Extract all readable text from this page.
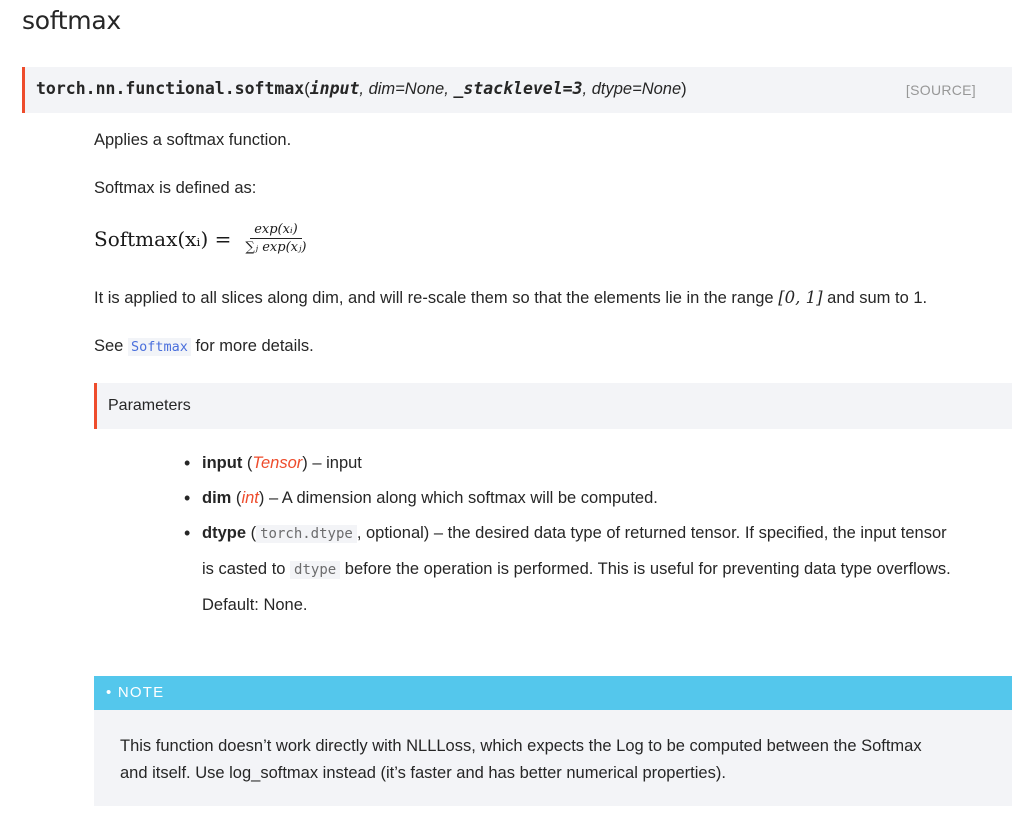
softmax
torch.nn.functional.softmax(input, dim=None, _stacklevel=3, dtype=None)	[SOURCE]

Applies a softmax function.

Softmax is defined as:

Softmax(xᵢ) = $\frac{\text{exp(xᵢ)}}{\text{∑ⱼ exp(xⱼ)}}$

It is applied to all slices along dim, and will re-scale them so that the elements lie in the range [0, 1] and sum to 1.

See Softmax for more details.

Parameters
• input (Tensor) – input
• dim (int) – A dimension along which softmax will be computed.
• dtype ( torch.dtype , optional) – the desired data type of returned tensor. If specified, the input tensor
is casted to dtype before the operation is performed. This is useful for preventing data type overflows.
Default: None.
• NOTE
This function doesn’t work directly with NLLLoss, which expects the Log to be computed between the Softmax
and itself. Use log_softmax instead (it’s faster and has better numerical properties).
